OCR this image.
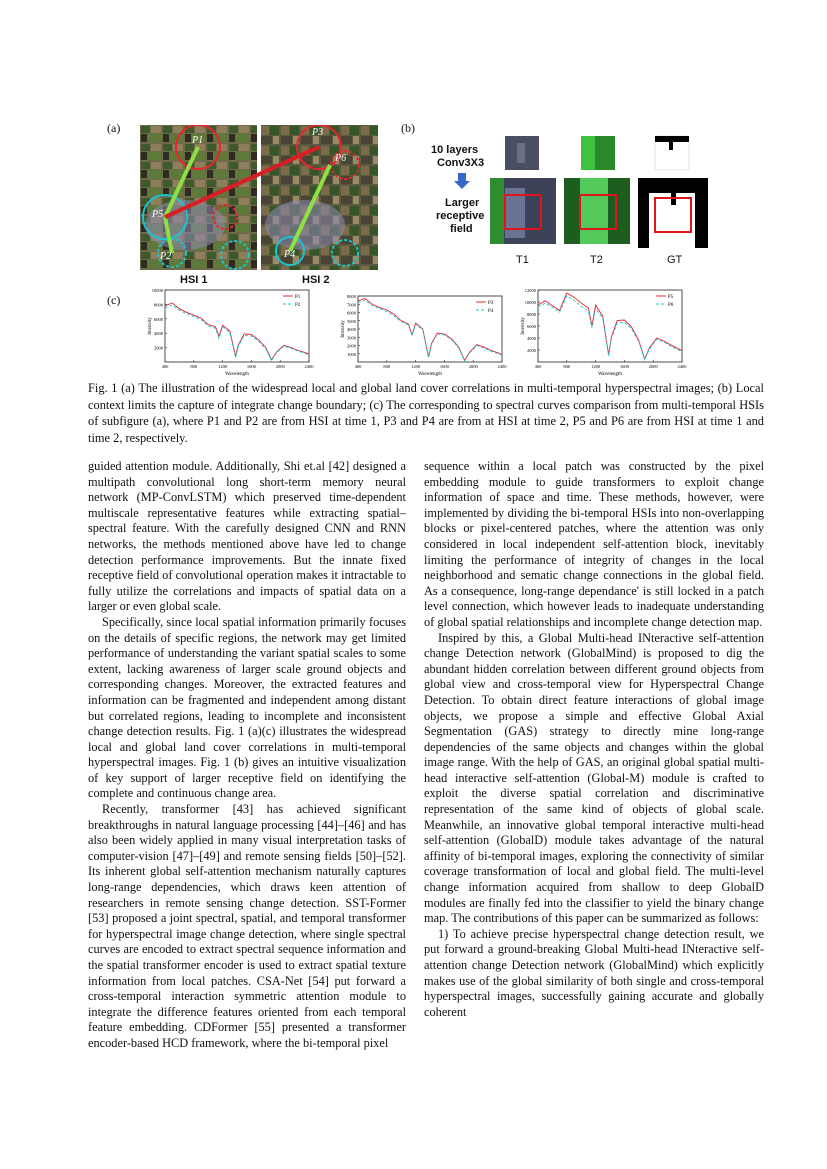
(a)	(b)
(c)
P1
P2
P3
P4
P5
P6
HSI 1	HSI 2
10 layers
Conv3X3
Larger
receptive
field
T1	T2	GT
2000
4000
6000
8000
10000
400	800	1200	1600	2000	2400
Wavelength
Intensity
P1
P2
1000
2000
3000
4000
5000
6000
7000
8000
400	800	1200	1600	2000	2400
Wavelength
Intensity
P3
P4
2000
4000
6000
8000
10000
12000
400	800	1200	1600	2000	2400
Wavelength
Intensity
P5
P6
Fig. 1 (a) The illustration of the widespread local and global land cover correlations in multi-temporal hyperspectral images; (b) Local context limits the capture of integrate change boundary; (c) The corresponding to spectral curves comparison from multi-temporal HSIs of subfigure (a), where P1 and P2 are from HSI at time 1, P3 and P4 are from at HSI at time 2, P5 and P6 are from HSI at time 1 and time 2, respectively.

guided attention module. Additionally, Shi et.al [42] designed a multipath convolutional long short-term memory neural network (MP-ConvLSTM) which preserved time-dependent multiscale representative features while extracting spatial–spectral feature. With the carefully designed CNN and RNN networks, the methods mentioned above have led to change detection performance improvements. But the innate fixed receptive field of convolutional operation makes it intractable to fully utilize the correlations and impacts of spatial data on a larger or even global scale.

Specifically, since local spatial information primarily focuses on the details of specific regions, the network may get limited performance of understanding the variant spatial scales to some extent, lacking awareness of larger scale ground objects and corresponding changes. Moreover, the extracted features and information can be fragmented and independent among distant but correlated regions, leading to incomplete and inconsistent change detection results. Fig. 1 (a)(c) illustrates the widespread local and global land cover correlations in multi-temporal hyperspectral images. Fig. 1 (b) gives an intuitive visualization of key support of larger receptive field on identifying the complete and continuous change area.

Recently, transformer [43] has achieved significant breakthroughs in natural language processing [44]–[46] and has also been widely applied in many visual interpretation tasks of computer-vision [47]–[49] and remote sensing fields [50]–[52]. Its inherent global self-attention mechanism naturally captures long-range dependencies, which draws keen attention of researchers in remote sensing change detection. SST-Former [53] proposed a joint spectral, spatial, and temporal transformer for hyperspectral image change detection, where single spectral curves are encoded to extract spectral sequence information and the spatial transformer encoder is used to extract spatial texture information from local patches. CSA-Net [54] put forward a cross-temporal interaction symmetric attention module to integrate the difference features oriented from each temporal feature embedding. CDFormer [55] presented a transformer encoder-based HCD framework, where the bi-temporal pixel

sequence within a local patch was constructed by the pixel embedding module to guide transformers to exploit change information of space and time. These methods, however, were implemented by dividing the bi-temporal HSIs into non-overlapping blocks or pixel-centered patches, where the attention was only considered in local independent self-attention block, inevitably limiting the performance of integrity of changes in the local neighborhood and sematic change connections in the global field. As a consequence, long-range dependance' is still locked in a patch level connection, which however leads to inadequate understanding of global spatial relationships and incomplete change detection map.

Inspired by this, a Global Multi-head INteractive self-attention change Detection network (GlobalMind) is proposed to dig the abundant hidden correlation between different ground objects from global view and cross-temporal view for Hyperspectral Change Detection. To obtain direct feature interactions of global image objects, we propose a simple and effective Global Axial Segmentation (GAS) strategy to directly mine long-range dependencies of the same objects and changes within the global image range. With the help of GAS, an original global spatial multi-head interactive self-attention (Global-M) module is crafted to exploit the diverse spatial correlation and discriminative representation of the same kind of objects of global scale. Meanwhile, an innovative global temporal interactive multi-head self-attention (GlobalD) module takes advantage of the natural affinity of bi-temporal images, exploring the connectivity of similar coverage transformation of local and global field. The multi-level change information acquired from shallow to deep GlobalD modules are finally fed into the classifier to yield the binary change map. The contributions of this paper can be summarized as follows:

1) To achieve precise hyperspectral change detection result, we put forward a ground-breaking Global Multi-head INteractive self-attention change Detection network (GlobalMind) which explicitly makes use of the global similarity of both single and cross-temporal hyperspectral images, successfully gaining accurate and globally coherent
